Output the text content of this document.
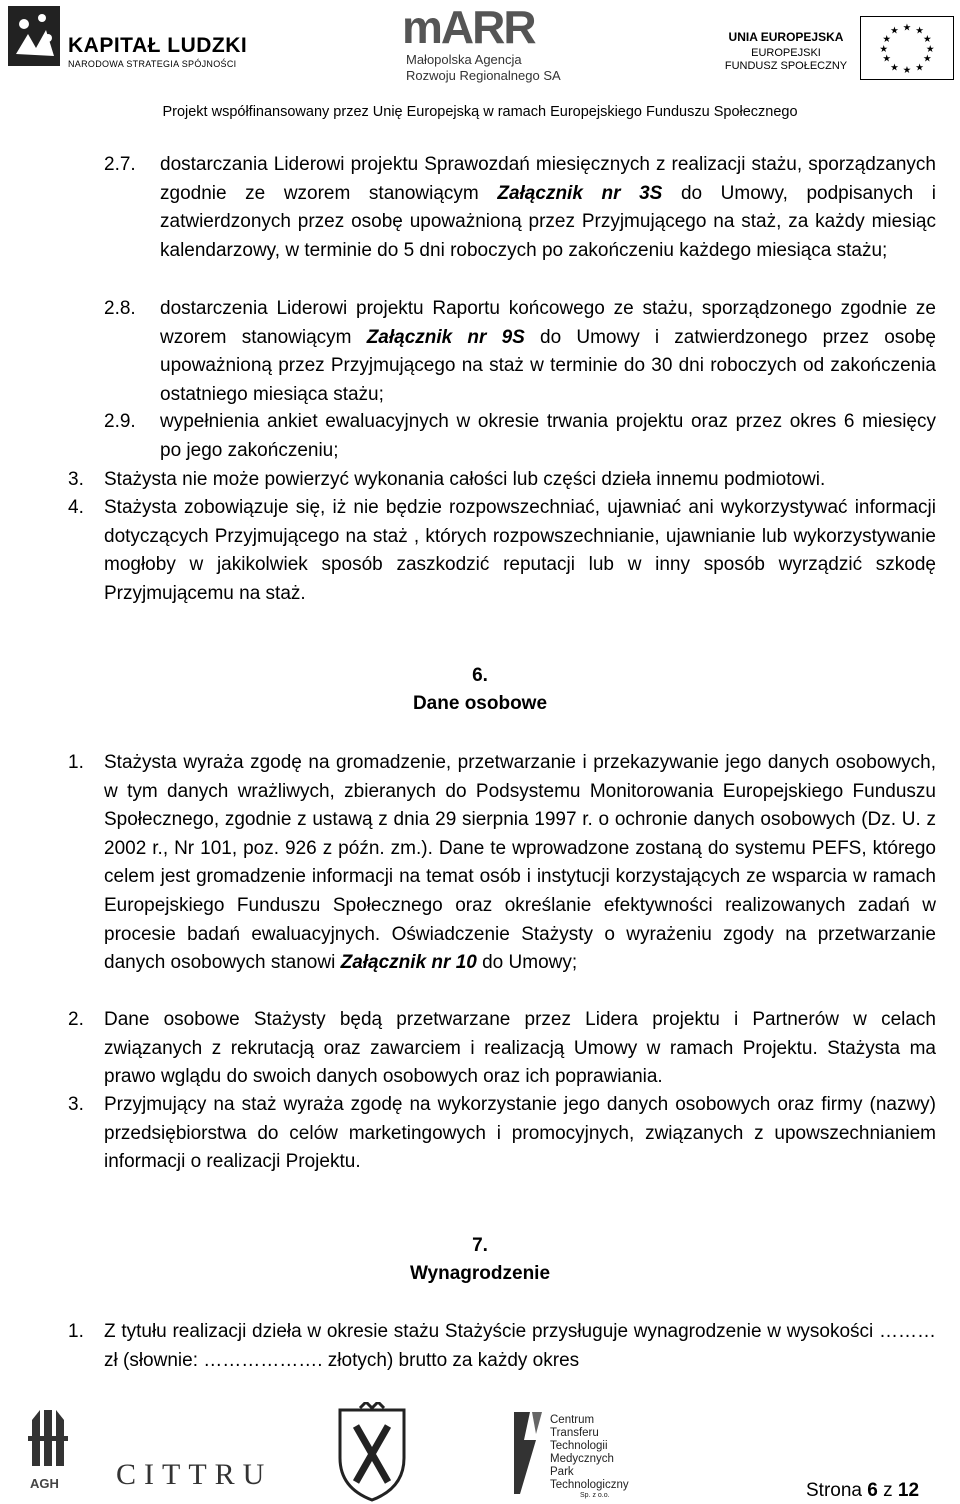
KAPITAŁ LUDZKI
NARODOWA STRATEGIA SPÓJNOŚCI
mARR
Małopolska Agencja
Rozwoju Regionalnego SA
UNIA EUROPEJSKA
EUROPEJSKI
FUNDUSZ SPOŁECZNY
★ ★
★
★
★
★
★
★
★
★
★
★
Projekt współfinansowany przez Unię Europejską w ramach Europejskiego Funduszu Społecznego
2.7. dostarczania Liderowi projektu Sprawozdań miesięcznych z realizacji stażu, sporządzanych zgodnie ze wzorem stanowiącym Załącznik nr 3S do Umowy, podpisanych i zatwierdzonych przez osobę upoważnioną przez Przyjmującego na staż, za każdy miesiąc kalendarzowy, w terminie do 5 dni roboczych po zakończeniu każdego miesiąca stażu;
2.8. dostarczenia Liderowi projektu Raportu końcowego ze stażu, sporządzonego zgodnie ze wzorem stanowiącym Załącznik nr 9S do Umowy i zatwierdzonego przez osobę upoważnioną przez Przyjmującego na staż w terminie do 30 dni roboczych od zakończenia ostatniego miesiąca stażu;
2.9. wypełnienia ankiet ewaluacyjnych w okresie trwania projektu oraz przez okres 6 miesięcy po jego zakończeniu;
3. Stażysta nie może powierzyć wykonania całości lub części dzieła innemu podmiotowi.
4. Stażysta zobowiązuje się, iż nie będzie rozpowszechniać, ujawniać ani wykorzystywać informacji dotyczących Przyjmującego na staż , których rozpowszechnianie, ujawnianie lub wykorzystywanie mogłoby w jakikolwiek sposób zaszkodzić reputacji lub w inny sposób wyrządzić szkodę Przyjmującemu na staż.
6.
Dane osobowe
1. Stażysta wyraża zgodę na gromadzenie, przetwarzanie i przekazywanie jego danych osobowych, w tym danych wrażliwych, zbieranych do Podsystemu Monitorowania Europejskiego Funduszu Społecznego, zgodnie z ustawą z dnia 29 sierpnia 1997 r. o ochronie danych osobowych (Dz. U. z 2002 r., Nr 101, poz. 926 z późn. zm.). Dane te wprowadzone zostaną do systemu PEFS, którego celem jest gromadzenie informacji na temat osób i instytucji korzystających ze wsparcia w ramach Europejskiego Funduszu Społecznego oraz określanie efektywności realizowanych zadań w procesie badań ewaluacyjnych. Oświadczenie Stażysty o wyrażeniu zgody na przetwarzanie danych osobowych stanowi Załącznik nr 10 do Umowy;
2. Dane osobowe Stażysty będą przetwarzane przez Lidera projektu i Partnerów w celach związanych z rekrutacją oraz zawarciem i realizacją Umowy w ramach Projektu. Stażysta ma prawo wglądu do swoich danych osobowych oraz ich poprawiania.
3. Przyjmujący na staż wyraża zgodę na wykorzystanie jego danych osobowych oraz firmy (nazwy) przedsiębiorstwa do celów marketingowych i promocyjnych, związanych z upowszechnianiem informacji o realizacji Projektu.
7.
Wynagrodzenie
1. Z tytułu realizacji dzieła w okresie stażu Stażyście przysługuje wynagrodzenie w wysokości ……… zł (słownie: ………………. złotych) brutto za każdy okres
AGH CITTRU
Centrum
Transferu
Technologii
Medycznych
Park
Technologiczny
Sp. z o.o.	Strona 6 z 12
